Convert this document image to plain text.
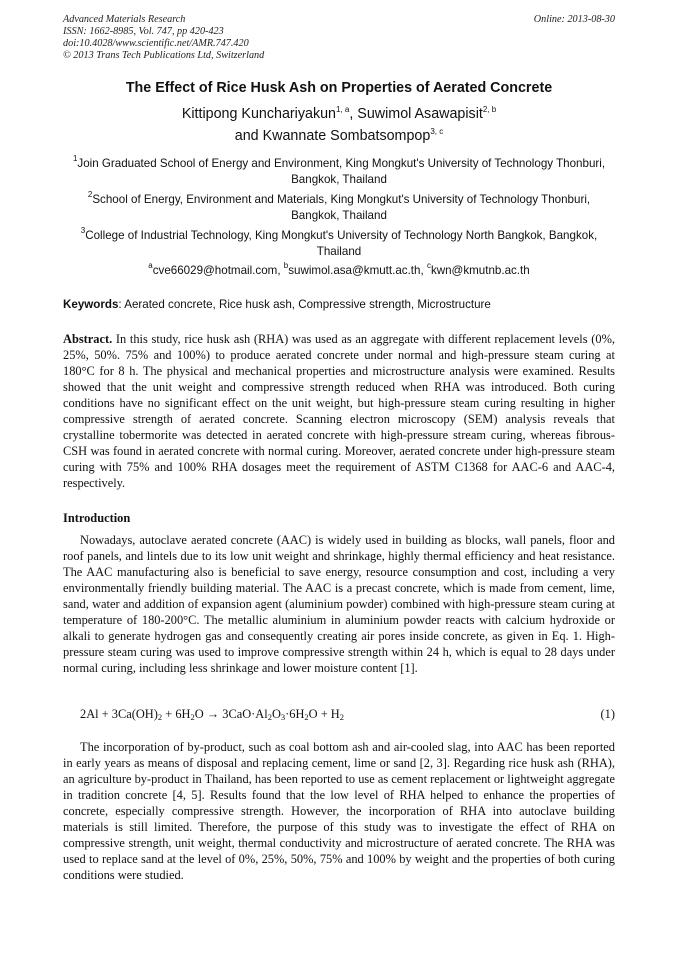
Advanced Materials Research
ISSN: 1662-8985, Vol. 747, pp 420-423
doi:10.4028/www.scientific.net/AMR.747.420
© 2013 Trans Tech Publications Ltd, Switzerland
Online: 2013-08-30
The Effect of Rice Husk Ash on Properties of Aerated Concrete
Kittipong Kunchariyakun$^{1, a}$, Suwimol Asawapisit$^{2, b}$
and Kwannate Sombatsompop$^{3, c}$
$^1$Join Graduated School of Energy and Environment, King Mongkut's University of Technology Thonburi, Bangkok, Thailand
$^2$School of Energy, Environment and Materials, King Mongkut's University of Technology Thonburi, Bangkok, Thailand
$^3$College of Industrial Technology, King Mongkut's University of Technology North Bangkok, Bangkok, Thailand
$^a$cve66029@hotmail.com, $^b$suwimol.asa@kmutt.ac.th, $^c$kwn@kmutnb.ac.th
Keywords: Aerated concrete, Rice husk ash, Compressive strength, Microstructure
Abstract. In this study, rice husk ash (RHA) was used as an aggregate with different replacement levels (0%, 25%, 50%. 75% and 100%) to produce aerated concrete under normal and high-pressure steam curing at 180°C for 8 h. The physical and mechanical properties and microstructure analysis were examined. Results showed that the unit weight and compressive strength reduced when RHA was introduced. Both curing conditions have no significant effect on the unit weight, but high-pressure steam curing resulting in higher compressive strength of aerated concrete. Scanning electron microscopy (SEM) analysis reveals that crystalline tobermorite was detected in aerated concrete with high-pressure stream curing, whereas fibrous-CSH was found in aerated concrete with normal curing. Moreover, aerated concrete under high-pressure steam curing with 75% and 100% RHA dosages meet the requirement of ASTM C1368 for AAC-6 and AAC-4, respectively.
Introduction
Nowadays, autoclave aerated concrete (AAC) is widely used in building as blocks, wall panels, floor and roof panels, and lintels due to its low unit weight and shrinkage, highly thermal efficiency and heat resistance. The AAC manufacturing also is beneficial to save energy, resource consumption and cost, including a very environmentally friendly building material. The AAC is a precast concrete, which is made from cement, lime, sand, water and addition of expansion agent (aluminium powder) combined with high-pressure steam curing at temperature of 180-200°C. The metallic aluminium in aluminium powder reacts with calcium hydroxide or alkali to generate hydrogen gas and consequently creating air pores inside concrete, as given in Eq. 1. High-pressure steam curing was used to improve compressive strength within 24 h, which is equal to 28 days under normal curing, including less shrinkage and lower moisture content [1].
$2Al + 3Ca(OH)_2 + 6H_2O \to 3CaO\cdot Al_2O_3\cdot 6H_2O + H_2$	(1)
The incorporation of by-product, such as coal bottom ash and air-cooled slag, into AAC has been reported in early years as means of disposal and replacing cement, lime or sand [2, 3]. Regarding rice husk ash (RHA), an agriculture by-product in Thailand, has been reported to use as cement replacement or lightweight aggregate in tradition concrete [4, 5]. Results found that the low level of RHA helped to enhance the properties of concrete, especially compressive strength. However, the incorporation of RHA into autoclave building materials is still limited. Therefore, the purpose of this study was to investigate the effect of RHA on compressive strength, unit weight, thermal conductivity and microstructure of aerated concrete. The RHA was used to replace sand at the level of 0%, 25%, 50%, 75% and 100% by weight and the properties of both curing conditions were studied.
